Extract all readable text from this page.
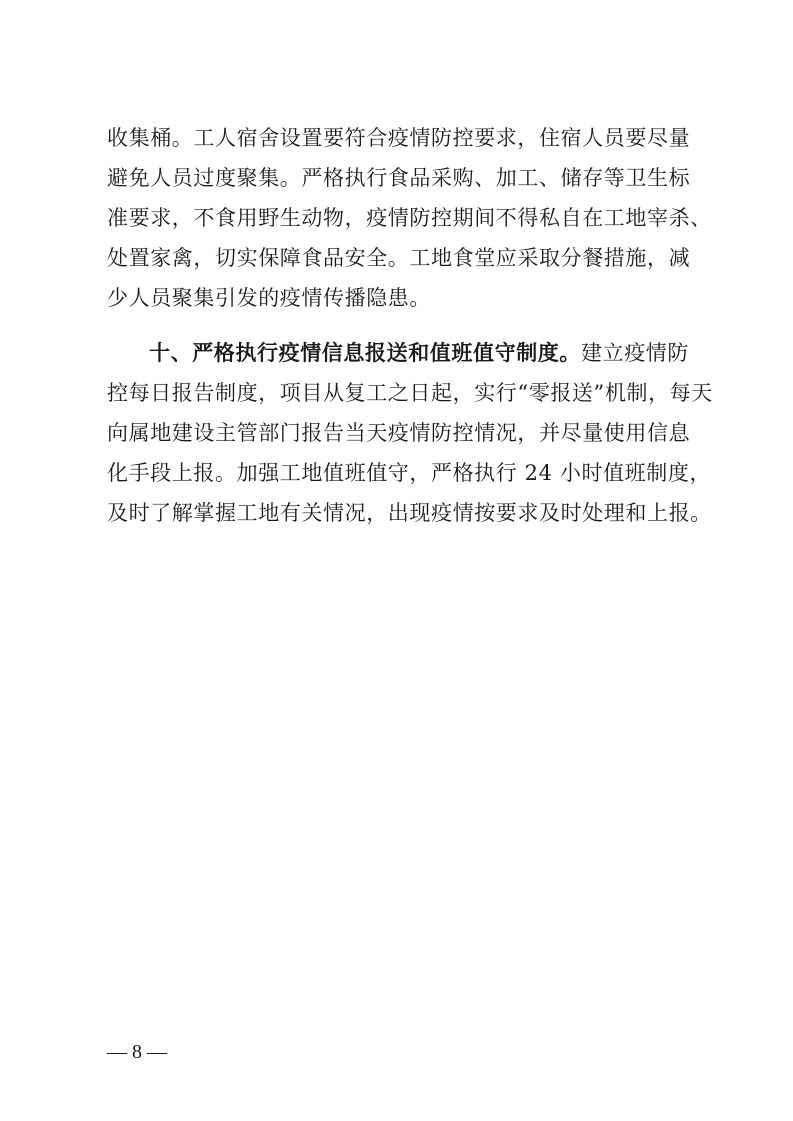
收集桶。工人宿舍设置要符合疫情防控要求，住宿人员要尽量
避免人员过度聚集。严格执行食品采购、加工、储存等卫生标
准要求，不食用野生动物，疫情防控期间不得私自在工地宰杀、
处置家禽，切实保障食品安全。工地食堂应采取分餐措施，减
少人员聚集引发的疫情传播隐患。
十、严格执行疫情信息报送和值班值守制度。建立疫情防
控每日报告制度，项目从复工之日起，实行“零报送”机制，每天
向属地建设主管部门报告当天疫情防控情况，并尽量使用信息
化手段上报。加强工地值班值守，严格执行 24 小时值班制度，
及时了解掌握工地有关情况，出现疫情按要求及时处理和上报。
— 8 —
